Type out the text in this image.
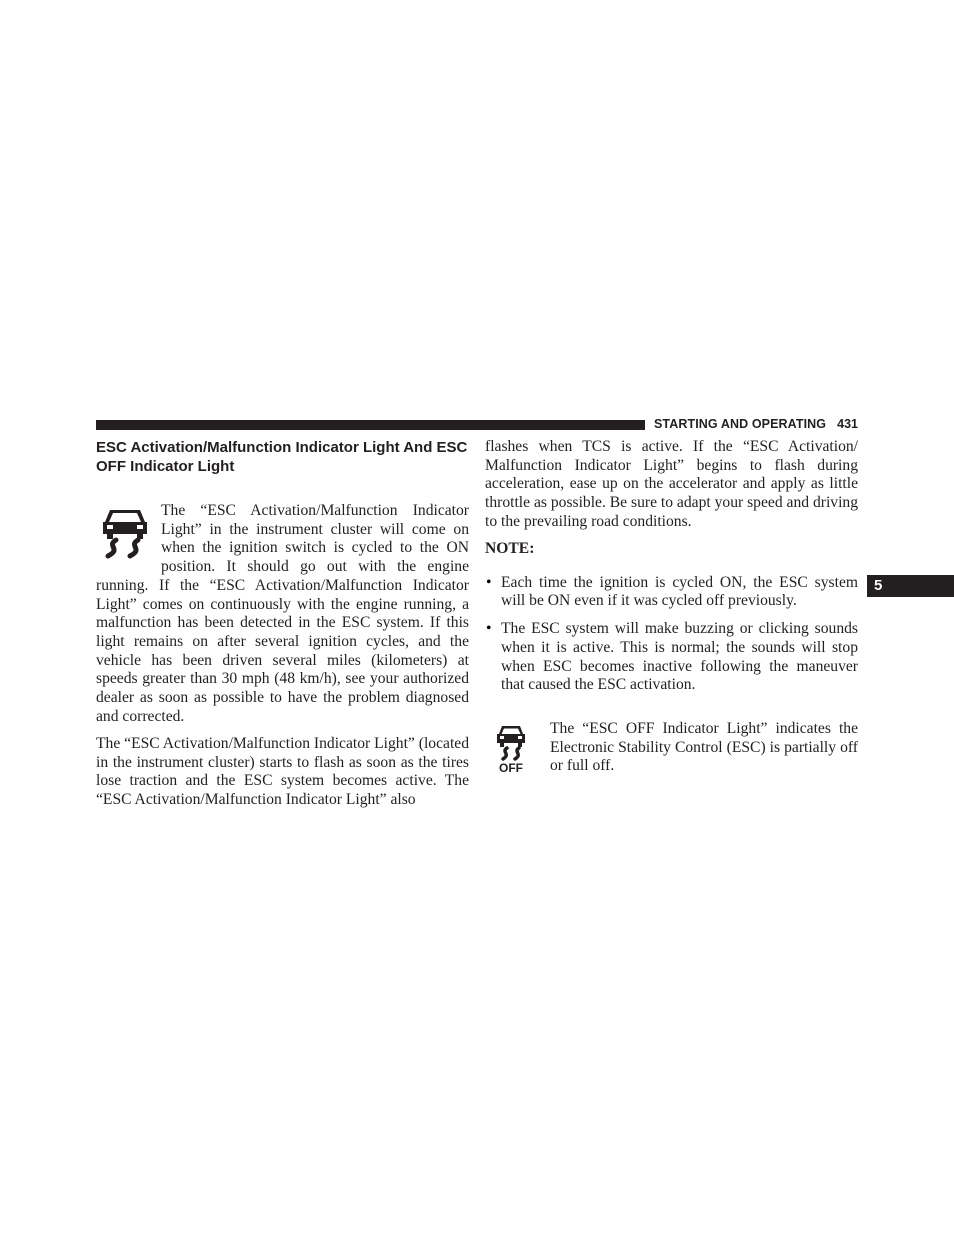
STARTING AND OPERATING 431
5
ESC Activation/Malfunction Indicator Light And ESC OFF Indicator Light

The “ESC Activation/Malfunction Indicator Light” in the instrument cluster will come on when the ignition switch is cycled to the ON position. It should go out with the engine running. If the “ESC Activation/Malfunction Indicator Light” comes on continuously with the engine running, a malfunction has been detected in the ESC system. If this light remains on after several ignition cycles, and the vehicle has been driven several miles (kilometers) at speeds greater than 30 mph (48 km/h), see your authorized dealer as soon as possible to have the problem diagnosed and corrected.

The “ESC Activation/Malfunction Indicator Light” (located in the instrument cluster) starts to flash as soon as the tires lose traction and the ESC system becomes active. The “ESC Activation/Malfunction Indicator Light” also

flashes when TCS is active. If the “ESC Activation/ Malfunction Indicator Light” begins to flash during acceleration, ease up on the accelerator and apply as little throttle as possible. Be sure to adapt your speed and driving to the prevailing road conditions.

NOTE:
• Each time the ignition is cycled ON, the ESC system will be ON even if it was cycled off previously.

• The ESC system will make buzzing or clicking sounds when it is active. This is normal; the sounds will stop when ESC becomes inactive following the maneuver that caused the ESC activation.

OFF
The “ESC OFF Indicator Light” indicates the Electronic Stability Control (ESC) is partially off or full off.
